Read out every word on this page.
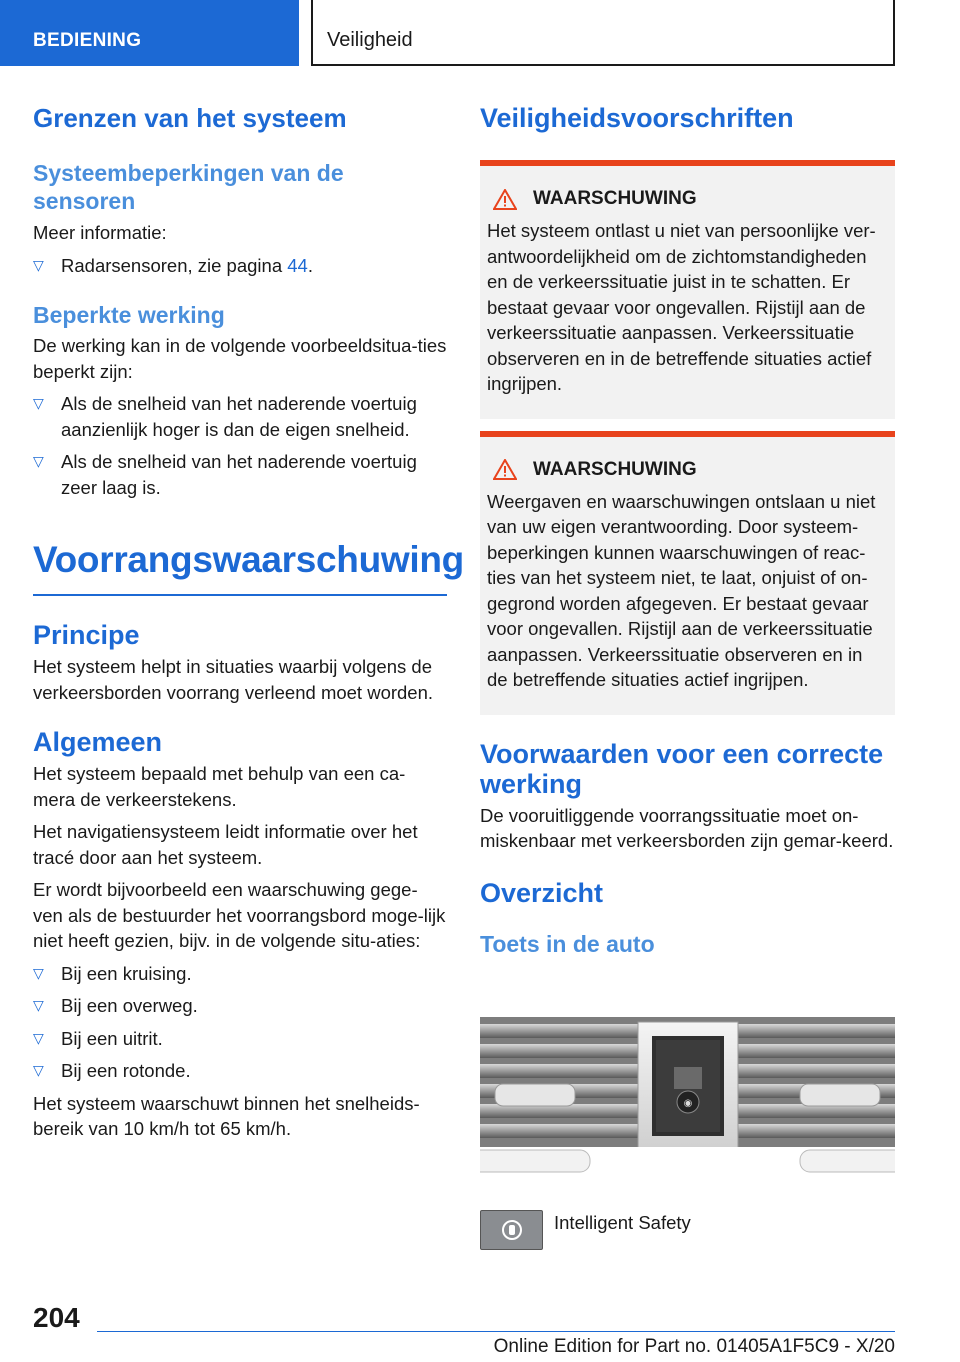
BEDIENING	Veiligheid
Grenzen van het systeem
Systeembeperkingen van de sensoren

Meer informatie:

▽ Radarsensoren, zie pagina 44.
Beperkte werking

De werking kan in de volgende voorbeeldsitua-ties beperkt zijn:

▽ Als de snelheid van het naderende voertuig aanzienlijk hoger is dan de eigen snelheid.
▽ Als de snelheid van het naderende voertuig zeer laag is.
Voorrangswaarschuwing
Principe

Het systeem helpt in situaties waarbij volgens de verkeersborden voorrang verleend moet worden.

Algemeen

Het systeem bepaald met behulp van een ca-mera de verkeerstekens.

Het navigatiensysteem leidt informatie over het tracé door aan het systeem.

Er wordt bijvoorbeeld een waarschuwing gege-ven als de bestuurder het voorrangsbord moge-lijk niet heeft gezien, bijv. in de volgende situ-aties:

▽ Bij een kruising.
▽ Bij een overweg.
▽ Bij een uitrit.
▽ Bij een rotonde.

Het systeem waarschuwt binnen het snelheids-bereik van 10 km/h tot 65 km/h.

Veiligheidsvoorschriften
WAARSCHUWING

Het systeem ontlast u niet van persoonlijke ver-antwoordelijkheid om de zichtomstandigheden en de verkeerssituatie juist in te schatten. Er bestaat gevaar voor ongevallen. Rijstijl aan de verkeerssituatie aanpassen. Verkeerssituatie observeren en in de betreffende situaties actief ingrijpen.

WAARSCHUWING

Weergaven en waarschuwingen ontslaan u niet van uw eigen verantwoording. Door systeem-beperkingen kunnen waarschuwingen of reac-ties van het systeem niet, te laat, onjuist of on-gegrond worden afgegeven. Er bestaat gevaar voor ongevallen. Rijstijl aan de verkeerssituatie aanpassen. Verkeerssituatie observeren en in de betreffende situaties actief ingrijpen.

Voorwaarden voor een correcte werking

De vooruitliggende voorrangssituatie moet on-miskenbaar met verkeersborden zijn gemar-keerd.

Overzicht
Toets in de auto
◉
Intelligent Safety
204
Online Edition for Part no. 01405A1F5C9 - X/20
